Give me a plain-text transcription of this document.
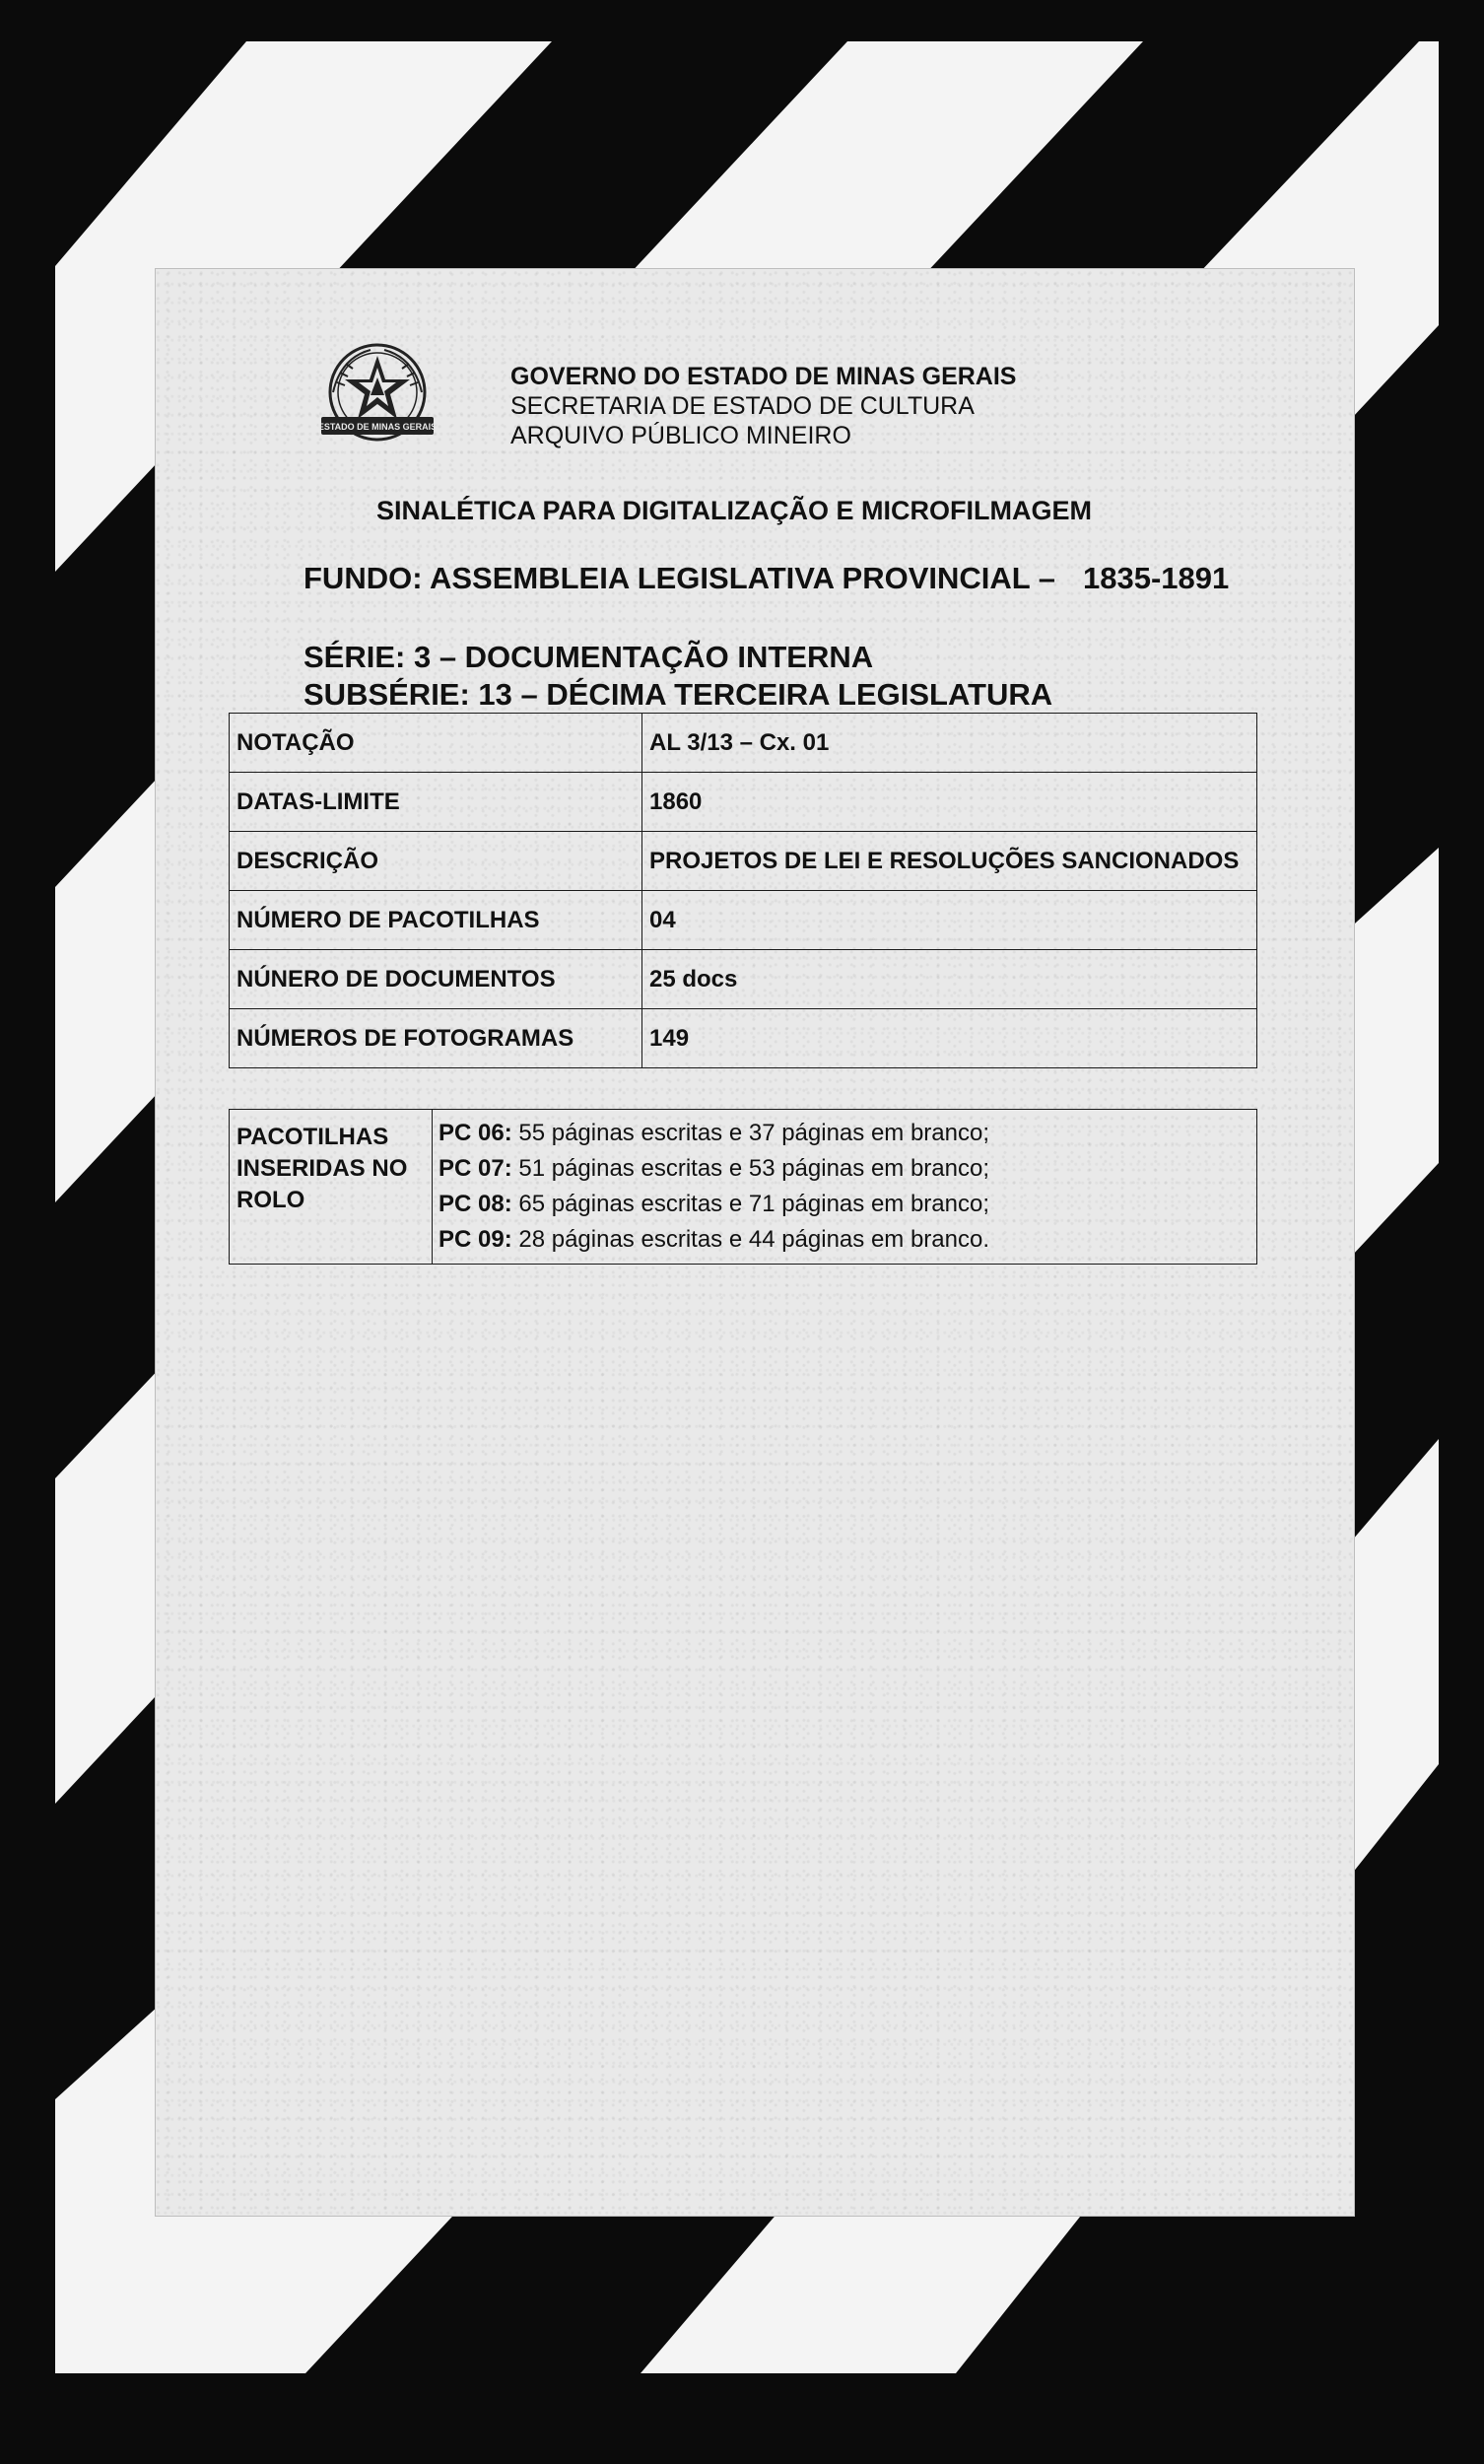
ESTADO DE MINAS GERAIS
GOVERNO DO ESTADO DE MINAS GERAIS
SECRETARIA DE ESTADO DE CULTURA
ARQUIVO PÚBLICO MINEIRO
SINALÉTICA PARA DIGITALIZAÇÃO E MICROFILMAGEM
FUNDO: ASSEMBLEIA LEGISLATIVA PROVINCIAL – 1835-1891
SÉRIE: 3 – DOCUMENTAÇÃO INTERNA
SUBSÉRIE: 13 – DÉCIMA TERCEIRA LEGISLATURA
NOTAÇÃO	AL 3/13 – Cx. 01
DATAS-LIMITE	1860
DESCRIÇÃO	PROJETOS DE LEI E RESOLUÇÕES SANCIONADOS
NÚMERO DE PACOTILHAS	04
NÚNERO DE DOCUMENTOS	25 docs
NÚMEROS DE FOTOGRAMAS	149
PACOTILHAS
INSERIDAS NO
ROLO

PC 06: 55 páginas escritas e 37 páginas em branco;
PC 07: 51 páginas escritas e 53 páginas em branco;
PC 08: 65 páginas escritas e 71 páginas em branco;
PC 09: 28 páginas escritas e 44 páginas em branco.
